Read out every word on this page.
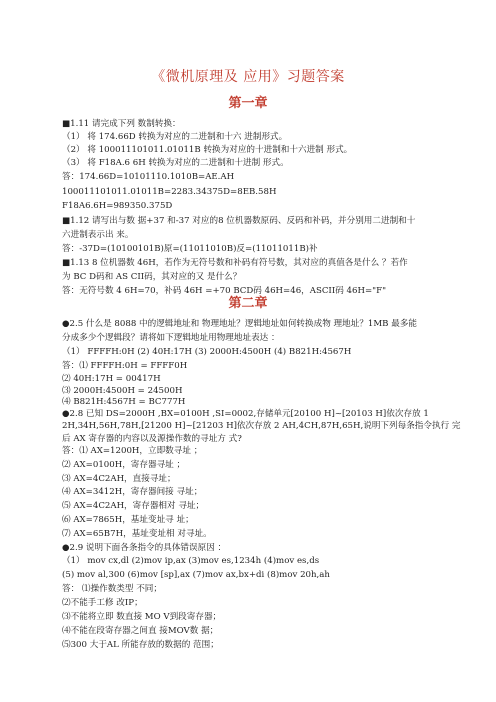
《微机原理及 应用》习题答案
第一章
■1.11 请完成下列 数制转换：
（1） 将 174.66D 转换为对应的二进制和十六 进制形式。
（2） 将 100011101011.01011B 转换为对应的十进制和十六进制 形式。
（3） 将 F18A.6 6H 转换为对应的二进制和十进制 形式。
答：174.66D=10101110.1010B=AE.AH
100011101011.01011B=2283.34375D=8EB.58H
F18A6.6H=989350.375D
■1.12 请写出与数 据+37 和-37 对应的8 位机器数原码、反码和补码，并分别用二进制和十
六进制表示出 来。
答：-37D=(10100101B)原=(11011010B)反=(11011011B)补
■1.13 8 位机器数 46H，若作为无符号数和补码有符号数，其对应的真值各是什么 ？若作
为 BC D码和 AS CII码，其对应的又 是什么？
答：无符号数 4 6H=70，补码 46H =+70 BCD码 46H=46，ASCII码 46H="F"
第二章
●2.5 什么是 8088 中的逻辑地址和 物理地址？逻辑地址如何转换成物 理地址？1MB 最多能
分成多少个逻辑段？请将如下逻辑地址用物理地址表达 ：
（1） FFFFH:0H (2) 40H:17H (3) 2000H:4500H (4) B821H:4567H
答：⑴ FFFFH:0H = FFFF0H
⑵ 40H:17H = 00417H
⑶ 2000H:4500H = 24500H
⑷ B821H:4567H = BC777H
●2.8 已知 DS=2000H ,BX=0100H ,SI=0002,存储单元[20100 H]~[20103 H]依次存放 1
2H,34H,56H,78H,[21200 H]~[21203 H]依次存放 2 AH,4CH,87H,65H,说明下列每条指令执行 完
后 AX 寄存器的内容以及源操作数的寻址方 式?
答：⑴ AX=1200H，立即数寻址 ；
⑵ AX=0100H，寄存器寻址 ；
⑶ AX=4C2AH，直接寻址；
⑷ AX=3412H，寄存器间接 寻址；
⑸ AX=4C2AH，寄存器相对 寻址；
⑹ AX=7865H，基址变址寻 址；
⑺ AX=65B7H，基址变址相 对寻址。
●2.9 说明下面各条指令的具体错误原因 ：
（1） mov cx,dl (2)mov ip,ax (3)mov es,1234h (4)mov es,ds
(5) mov al,300 (6)mov [sp],ax (7)mov ax,bx+di (8)mov 20h,ah
答： ⑴操作数类型 不同；
⑵不能手工修 改IP；
⑶不能将立即 数直接 MO V到段寄存器；
⑷不能在段寄存器之间直 接MOV数 据；
⑸300 大于AL 所能存放的数据的 范围；
